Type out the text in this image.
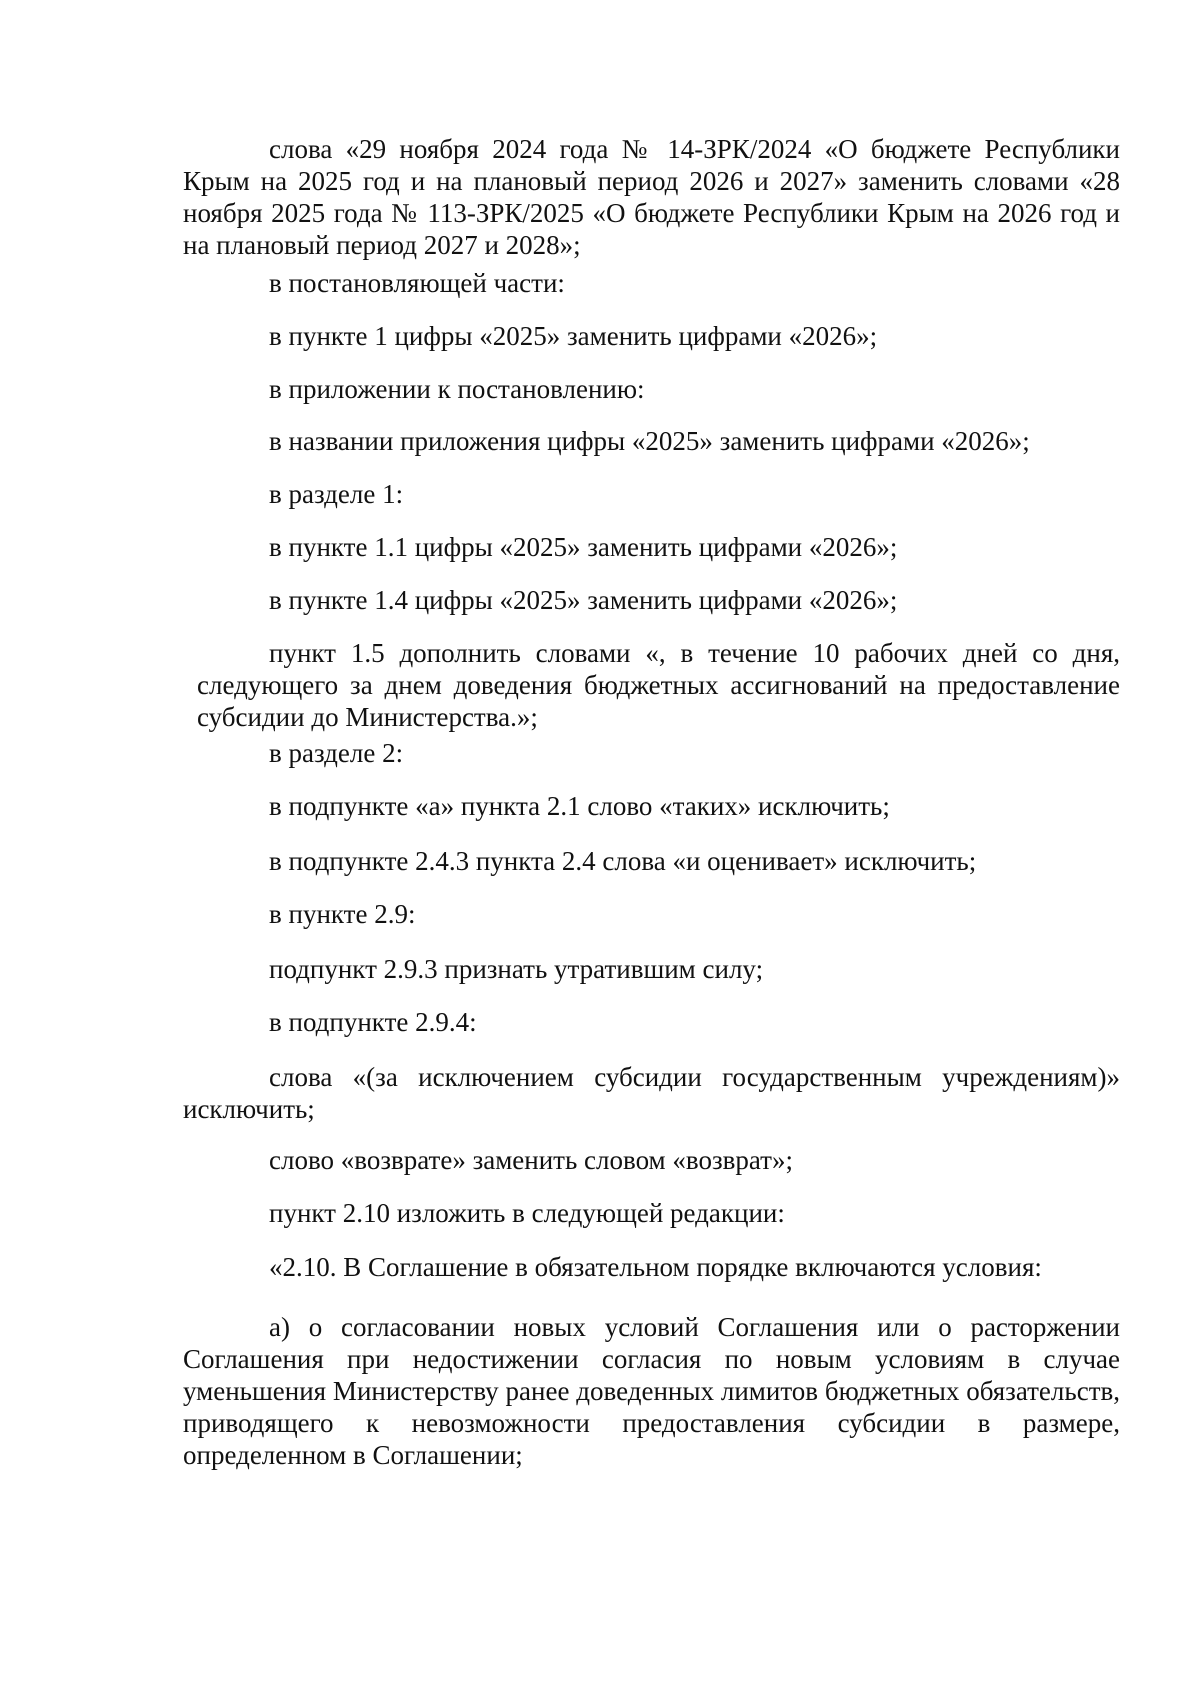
слова «29 ноября 2024 года № 14-ЗРК/2024 «О бюджете Республики Крым на 2025 год и на плановый период 2026 и 2027» заменить словами «28 ноября 2025 года № 113-ЗРК/2025 «О бюджете Республики Крым на 2026 год и на плановый период 2027 и 2028»;

в постановляющей части:

в пункте 1 цифры «2025» заменить цифрами «2026»;

в приложении к постановлению:

в названии приложения цифры «2025» заменить цифрами «2026»;

в разделе 1:

в пункте 1.1 цифры «2025» заменить цифрами «2026»;

в пункте 1.4 цифры «2025» заменить цифрами «2026»;

пункт 1.5 дополнить словами «, в течение 10 рабочих дней со дня, следующего за днем доведения бюджетных ассигнований на предоставление субсидии до Министерства.»;

в разделе 2:

в подпункте «а» пункта 2.1 слово «таких» исключить;

в подпункте 2.4.3 пункта 2.4 слова «и оценивает» исключить;

в пункте 2.9:

подпункт 2.9.3 признать утратившим силу;

в подпункте 2.9.4:

слова «(за исключением субсидии государственным учреждениям)» исключить;

слово «возврате» заменить словом «возврат»;

пункт 2.10 изложить в следующей редакции:

«2.10. В Соглашение в обязательном порядке включаются условия:

а) о согласовании новых условий Соглашения или о расторжении Соглашения при недостижении согласия по новым условиям в случае уменьшения Министерству ранее доведенных лимитов бюджетных обязательств, приводящего к невозможности предоставления субсидии в размере, определенном в Соглашении;
